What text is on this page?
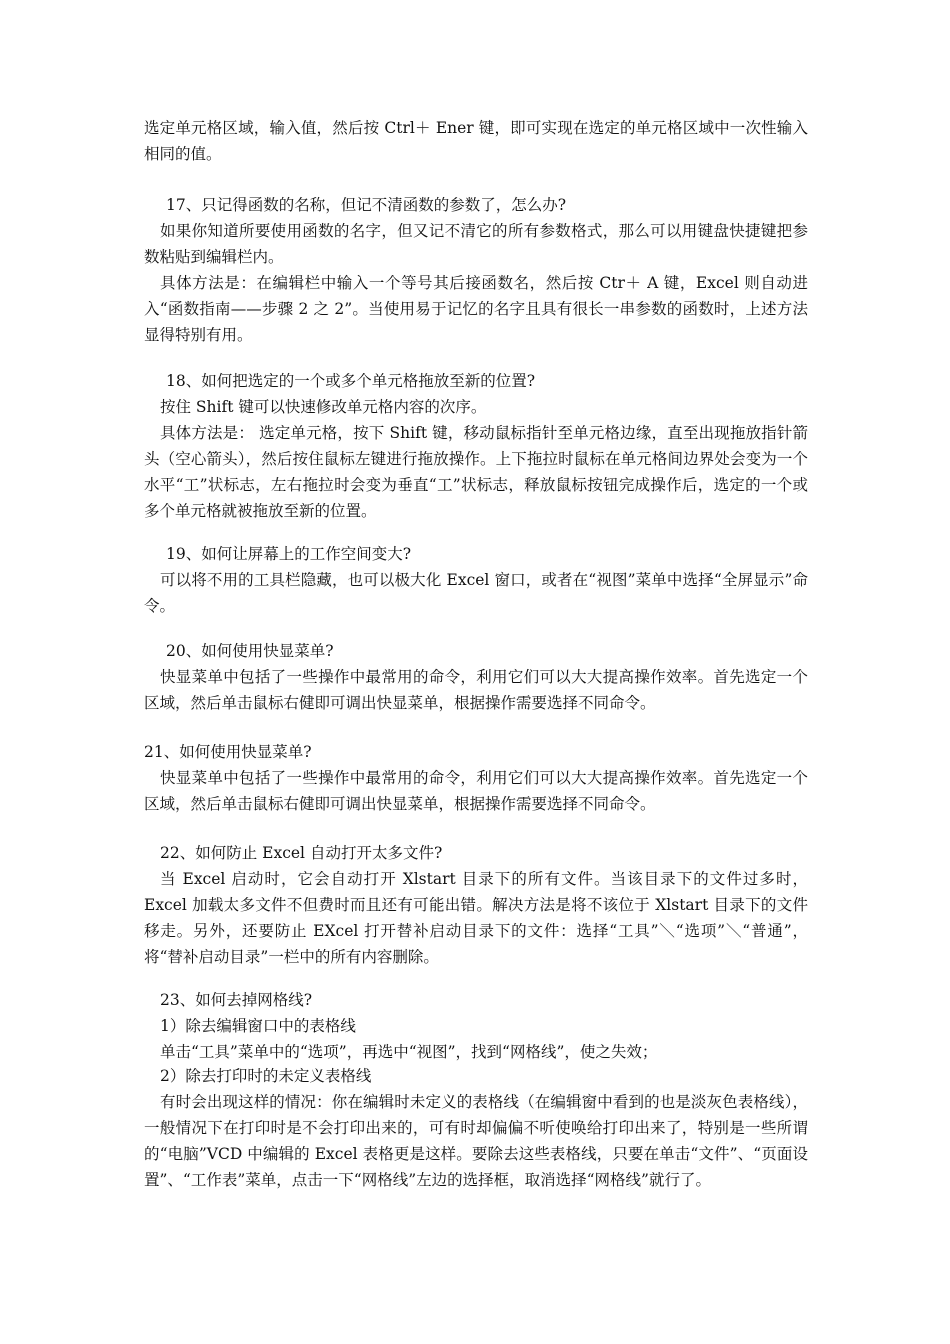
选定单元格区域，输入值，然后按 Ctrl＋ Ener 键，即可实现在选定的单元格区域中一次性输入相同的值。

17、只记得函数的名称，但记不清函数的参数了，怎么办?

如果你知道所要使用函数的名字，但又记不清它的所有参数格式，那么可以用键盘快捷键把参数粘贴到编辑栏内。

具体方法是：在编辑栏中输入一个等号其后接函数名，然后按 Ctr＋ A 键，Excel 则自动进入“函数指南——步骤 2 之 2”。当使用易于记忆的名字且具有很长一串参数的函数时，上述方法显得特别有用。

18、如何把选定的一个或多个单元格拖放至新的位置?

按住 Shift 键可以快速修改单元格内容的次序。

具体方法是： 选定单元格，按下 Shift 键，移动鼠标指针至单元格边缘，直至出现拖放指针箭头（空心箭头），然后按住鼠标左键进行拖放操作。上下拖拉时鼠标在单元格间边界处会变为一个水平“工”状标志，左右拖拉时会变为垂直“工”状标志，释放鼠标按钮完成操作后，选定的一个或多个单元格就被拖放至新的位置。

19、如何让屏幕上的工作空间变大?

可以将不用的工具栏隐藏，也可以极大化 Excel 窗口，或者在“视图”菜单中选择“全屏显示”命令。

20、如何使用快显菜单?

快显菜单中包括了一些操作中最常用的命令，利用它们可以大大提高操作效率。首先选定一个区域，然后单击鼠标右健即可调出快显菜单，根据操作需要选择不同命令。

21、如何使用快显菜单?

快显菜单中包括了一些操作中最常用的命令，利用它们可以大大提高操作效率。首先选定一个区域，然后单击鼠标右健即可调出快显菜单，根据操作需要选择不同命令。

22、如何防止 Excel 自动打开太多文件?

当 Excel 启动时，它会自动打开 Xlstart 目录下的所有文件。当该目录下的文件过多时，Excel 加载太多文件不但费时而且还有可能出错。解决方法是将不该位于 Xlstart 目录下的文件移走。另外，还要防止 EXcel 打开替补启动目录下的文件：选择“工具”＼“选项”＼“普通”，将“替补启动目录”一栏中的所有内容删除。

23、如何去掉网格线?

1）除去编辑窗口中的表格线

单击“工具”菜单中的“选项”，再选中“视图”，找到“网格线”，使之失效；

2）除去打印时的未定义表格线

有时会出现这样的情况：你在编辑时未定义的表格线（在编辑窗中看到的也是淡灰色表格线），一般情况下在打印时是不会打印出来的，可有时却偏偏不听使唤给打印出来了，特别是一些所谓的“电脑”VCD 中编辑的 Excel 表格更是这样。要除去这些表格线，只要在单击“文件”、“页面设置”、“工作表”菜单，点击一下“网格线”左边的选择框，取消选择“网格线”就行了。
